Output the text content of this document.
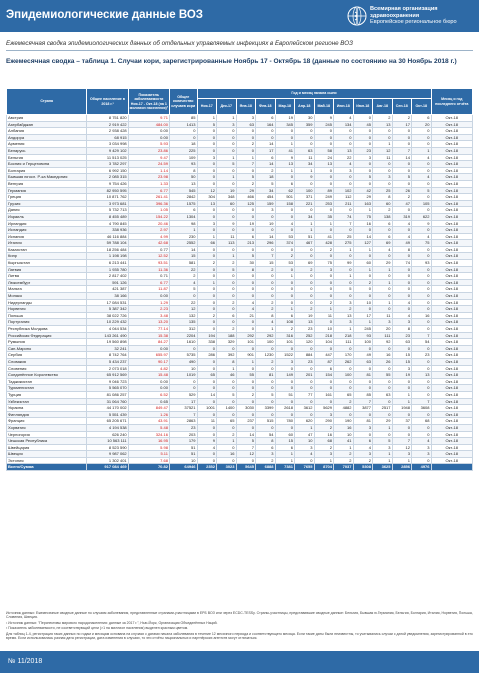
Эпидемиологические данные ВОЗ	Всемирная организация
здравоохранения
Европейское региональное бюро
Ежемесячная сводка эпидемиологических данных об отдельных управляемых инфекциях в Европейском регионе ВОЗ
Ежемесячная сводка – таблица 1. Случаи кори, зарегистрированные Ноябрь 17 - Октябрь 18 (данные по состоянию на 30 Ноябрь 2018 г.)
Страна	Общее население в 2018 г.¹	Показатель заболеваемости Ноя-17 - Окт-18 (на 1 миллион населения)²	Общее количество случаев кори	Год и месяц начала сыпи												Месяц и год последнего отчёта
				Ноя-17	Дек-17	Янв-18	Фев-18	Мар-18	Апр-18	Май-18	Июн-18	Июл-18	Авг-18	Сен-18	Окт-18	
Австрия	8 751 820	9.71	85	1	1	3	6	19	30	9	4	0	2	2	6	Окт-18
Азербайджан	2 919 422	484.00	1413	5	3	63	164	345	359	245	134	45	13	17	20	Окт-18
Албания	2 938 428	0.00	0	0	0	0	0	0	0	0	0	0	0	0	0	Окт-18
Андорра	68 915	0.00	0	0	0	0	0	0	0	0	0	0	0	0	0	Окт-18
Армения	3 034 998	5.93	18	0	0	2	14	1	0	0	0	0	1	0	0	Окт-18
Беларусь	9 429 102	23.86	225	0	0	0	17	41	63	58	13	23	12	7	1	Окт-18
Бельгия	11 513 025	9.47	109	3	1	1	6	9	11	24	22	3	11	14	4	Окт-18
Босния и Герцеговина	3 782 297	24.59	93	0	5	7	14	13	34	13	4	0	0	0	0	Окт-18
Болгария	6 992 150	1.14	8	0	0	0	2	1	1	0	3	0	0	0	0	Окт-18
Бывшая югосл. Р-ка Македония	2 085 315	23.98	50	0	1	5	18	0	9	0	0	5	3	5	4	Окт-18
Венгрия	9 754 426	1.33	13	0	0	2	5	6	0	0	0	0	0	0	0	Окт-18
Германия	82 950 595	6.77	545	12	19	29	34	62	100	89	102	42	25	26	5	Окт-18
Греция	10 871 762	261.41	2842	304	348	466	454	501	371	249	112	29	8	2	0	Окт-18
Грузия	3 973 681	396.36	1575	13	60	125	159	158	221	253	211	163	60	47	105	Окт-18
Дания	5 732 713	1.05	6	0	0	0	3	0	0	0	0	1	2	0	0	Окт-18
Израиль	8 455 489	154.22	1304	0	0	0	0	0	34	35	74	75	138	319	622	Окт-18
Ирландия	4 790 845	20.46	98	3	9	19	19	4	1	1	7	16	6	4	9	Окт-18
Исландия	338 936	2.97	1	0	0	0	0	0	1	0	0	0	0	0	0	Окт-18
Испания	46 116 884	4.99	230	1	11	6	14	53	51	41	25	14	6	4	4	Окт-18
Италия	59 788 104	42.68	2552	66	113	213	296	374	467	428	275	127	69	49	75	Окт-18
Казахстан	18 256 484	0.77	14	0	0	0	0	0	0	2	1	1	4	8	0	Окт-18
Кипр	1 198 198	12.52	15	0	1	5	7	2	0	0	0	0	0	0	0	Окт-18
Кыргызстан	6 213 441	93.51	581	2	2	30	15	53	69	75	99	60	29	74	93	Окт-18
Латвия	1 935 780	11.36	22	0	5	8	2	0	2	3	0	1	1	0	0	Окт-18
Литва	2 817 402	0.71	2	0	0	0	0	1	0	0	1	0	0	0	0	Окт-18
Люксембург	591 126	6.77	4	1	0	0	0	0	0	0	0	2	1	0	0	Окт-18
Мальта	421 387	11.87	5	0	0	0	0	0	0	0	5	0	0	0	0	Окт-18
Монако	38 166	0.00	0	0	0	0	0	0	0	0	0	0	0	0	0	Окт-18
Нидерланды	17 084 531	1.29	22	0	2	4	2	0	0	2	3	10	1	4	0	Окт-18
Норвегия	5 387 342	2.23	12	0	0	4	2	1	2	1	2	0	0	0	0	Окт-18
Польша	38 022 726	3.48	132	2	6	21	8	6	19	11	13	17	11	4	16	Окт-18
Португалия	10 229 432	13.20	135	0	0	0	4	108	13	0	3	1	3	3	0	Окт-18
Республика Молдова	4 044 534	77.14	312	0	2	0	1	2	23	10	1	245	20	8	0	Окт-18
Российская Федерация	143 261 490	15.38	2204	194	188	292	292	316	252	218	218	93	111	23	7	Окт-18
Румыния	19 560 898	84.27	1610	338	329	101	100	101	120	104	111	100	92	63	54	Окт-18
Сан-Марино	32 241	0.00	0	0	0	0	0	0	0	0	0	0	0	0	0	Окт-18
Сербия	8 742 764	655.97	5735	286	392	901	1230	1522	884	447	170	49	16	15	23	Окт-18
Словакия	5 434 237	90.17	490	0	8	1	2	3	23	87	262	63	26	15	0	Окт-18
Словения	2 073 018	4.82	10	0	1	0	0	0	0	6	0	0	0	3	0	Окт-18
Соединённое Королевство	65 912 569	15.48	1019	65	46	55	81	149	201	154	100	81	55	19	13	Окт-18
Таджикистан	9 046 723	0.00	0	0	0	0	0	0	0	0	0	0	0	0	0	Окт-18
Туркменистан	5 565 070	0.00	0	0	0	0	0	0	0	0	0	0	0	0	0	Окт-18
Турция	81 086 257	6.52	529	14	5	2	5	51	77	161	65	85	63	1	0	Окт-18
Узбекистан	31 064 760	0.65	17	0	0	0	0	0	0	0	2	7	0	1	7	Окт-18
Украина	44 170 002	849.47	37521	1001	1400	3030	3399	2618	3612	5629	4882	3877	2517	1948	3608	Окт-18
Финляндия	5 551 439	1.26	7	0	0	0	0	0	0	3	0	0	0	0	0	Окт-18
Франция	65 205 671	43.91	2863	11	65	237	515	780	620	290	190	81	29	37	68	Окт-18
Хорватия	4 194 538	5.48	23	0	0	0	0	0	1	2	16	3	1	0	0	Окт-18
Черногория	626 240	324.16	203	0	2	14	54	60	47	16	10	0	0	0	0	Окт-18
Чешская Республика	10 563 111	16.95	179	9	1	5	8	15	10	68	41	6	5	7	4	Окт-18
Швейцария	8 523 590	5.98	51	4	0	7	6	6	3	2	1	4	3	12	3	Окт-18
Швеция	9 987 062	5.11	51	0	16	12	3	1	4	3	2	3	1	3	3	Окт-18
Эстония	1 302 401	7.68	10	0	0	0	2	1	0	1	2	2	1	1	0	Окт-18
Всего/Сумма	917 084 469	70.82	64946	2352	3023	5645	6888	7381	7655	8704	7037	5308	3625	2856	4976	

Источник данных: Ежемесячные сводные данные по случаям заболевания, представленные странами-участницами в ЕРБ ВОЗ или через ECDC-TESSy. Страны-участницы, представившие сводные данные: Бельгия, Бывшая ю.Германия, Бельгия, Болгария, Италия, Норвегия, Польша, Словения, Швеция.

¹ Источник данных: "Перспективы мирового народонаселения: данные за 2017 г.", Нью-Йорк, Организация Объединённых Наций.

² Показатель заболеваемости, не соответствующий цели (>1 на миллион населения) выделен красным цветом.

Для таблиц 1-4, регистрация таких данных по годам и месяцам основана на случаях с датами начала заболевания в течение 12 месячного периода и соответствующего месяца. Если такие даты были неизвестны, то учитывались случаи с датой уведомления, зарегистрированной в это время. Если использовалась разная дата регистрации, дата изменения в случаях, то эти отчёты национальных и партнёрских агентств могут отличаться.

№ 11/2018
